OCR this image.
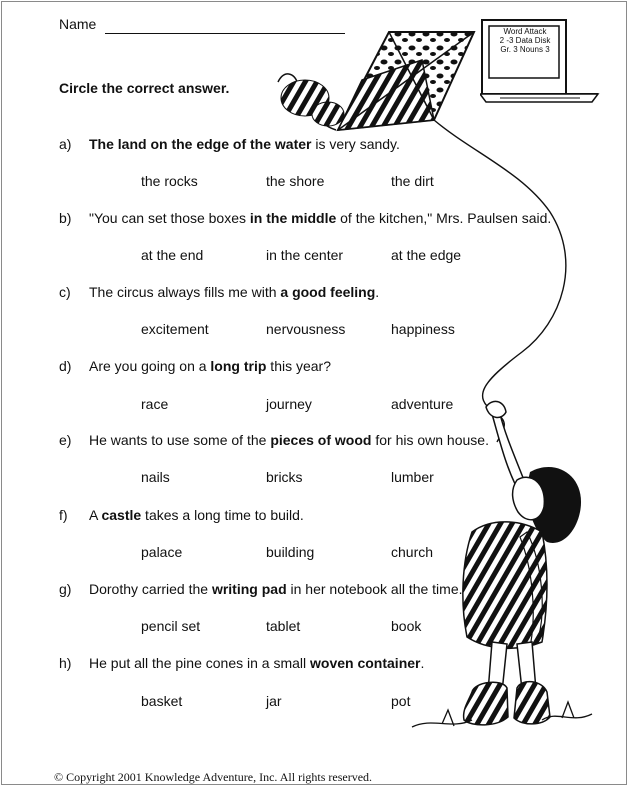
Name	Word Attack
2 -3 Data Disk
Gr. 3 Nouns 3
Circle the correct answer.
a) The land on the edge of the water is very sandy.
the rocks	the shore	the dirt
b) "You can set those boxes in the middle of the kitchen," Mrs. Paulsen said.
at the end	in the center	at the edge
c) The circus always fills me with a good feeling.
excitement	nervousness	happiness
d) Are you going on a long trip this year?
race	journey	adventure
e) He wants to use some of the pieces of wood for his own house.
nails	bricks	lumber
f) A castle takes a long time to build.
palace	building	church
g) Dorothy carried the writing pad in her notebook all the time.
pencil set	tablet	book
h) He put all the pine cones in a small woven container.
basket	jar	pot
© Copyright 2001 Knowledge Adventure, Inc. All rights reserved.
